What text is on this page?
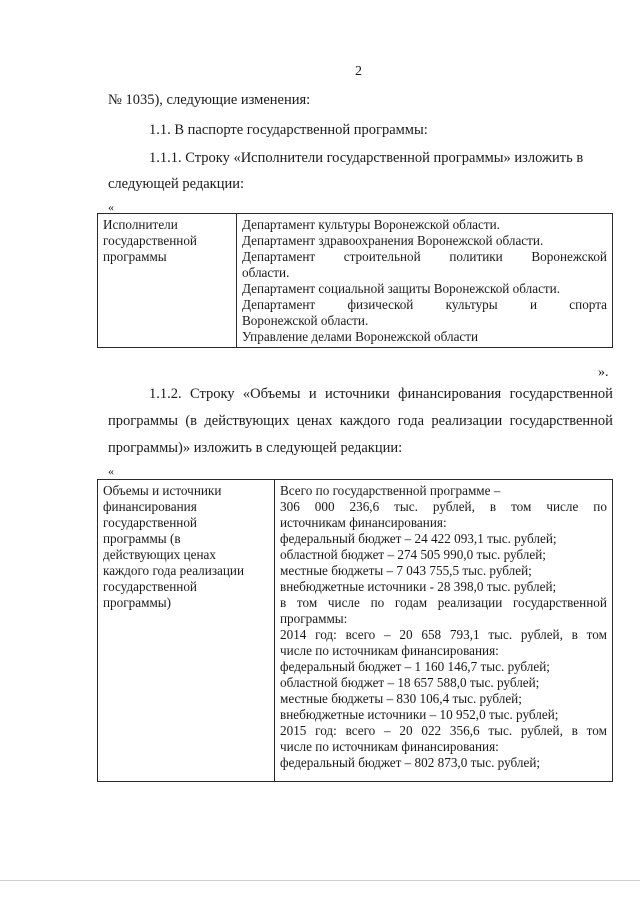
2
№ 1035), следующие изменения:
1.1. В паспорте государственной программы:
1.1.1. Строку «Исполнители государственной программы» изложить в
следующей редакции:
«
Исполнители
государственной
программы

Департамент культуры Воронежской области.
Департамент здравоохранения Воронежской области.
Департамент строительной политики Воронежской
области.
Департамент социальной защиты Воронежской области.
Департамент физической культуры и спорта
Воронежской области.
Управление делами Воронежской области
».
1.1.2. Строку «Объемы и источники финансирования государственной
программы (в действующих ценах каждого года реализации государственной
программы)» изложить в следующей редакции:
«
Объемы и источники
финансирования
государственной
программы (в
действующих ценах
каждого года реализации
государственной
программы)

Всего по государственной программе –
306 000 236,6 тыс. рублей, в том числе по
источникам финансирования:
федеральный бюджет – 24 422 093,1 тыс. рублей;
областной бюджет – 274 505 990,0 тыс. рублей;
местные бюджеты – 7 043 755,5 тыс. рублей;
внебюджетные источники - 28 398,0 тыс. рублей;
в том числе по годам реализации государственной
программы:
2014 год: всего – 20 658 793,1 тыс. рублей, в том
числе по источникам финансирования:
федеральный бюджет – 1 160 146,7 тыс. рублей;
областной бюджет – 18 657 588,0 тыс. рублей;
местные бюджеты – 830 106,4 тыс. рублей;
внебюджетные источники – 10 952,0 тыс. рублей;
2015 год: всего – 20 022 356,6 тыс. рублей, в том
числе по источникам финансирования:
федеральный бюджет – 802 873,0 тыс. рублей;
